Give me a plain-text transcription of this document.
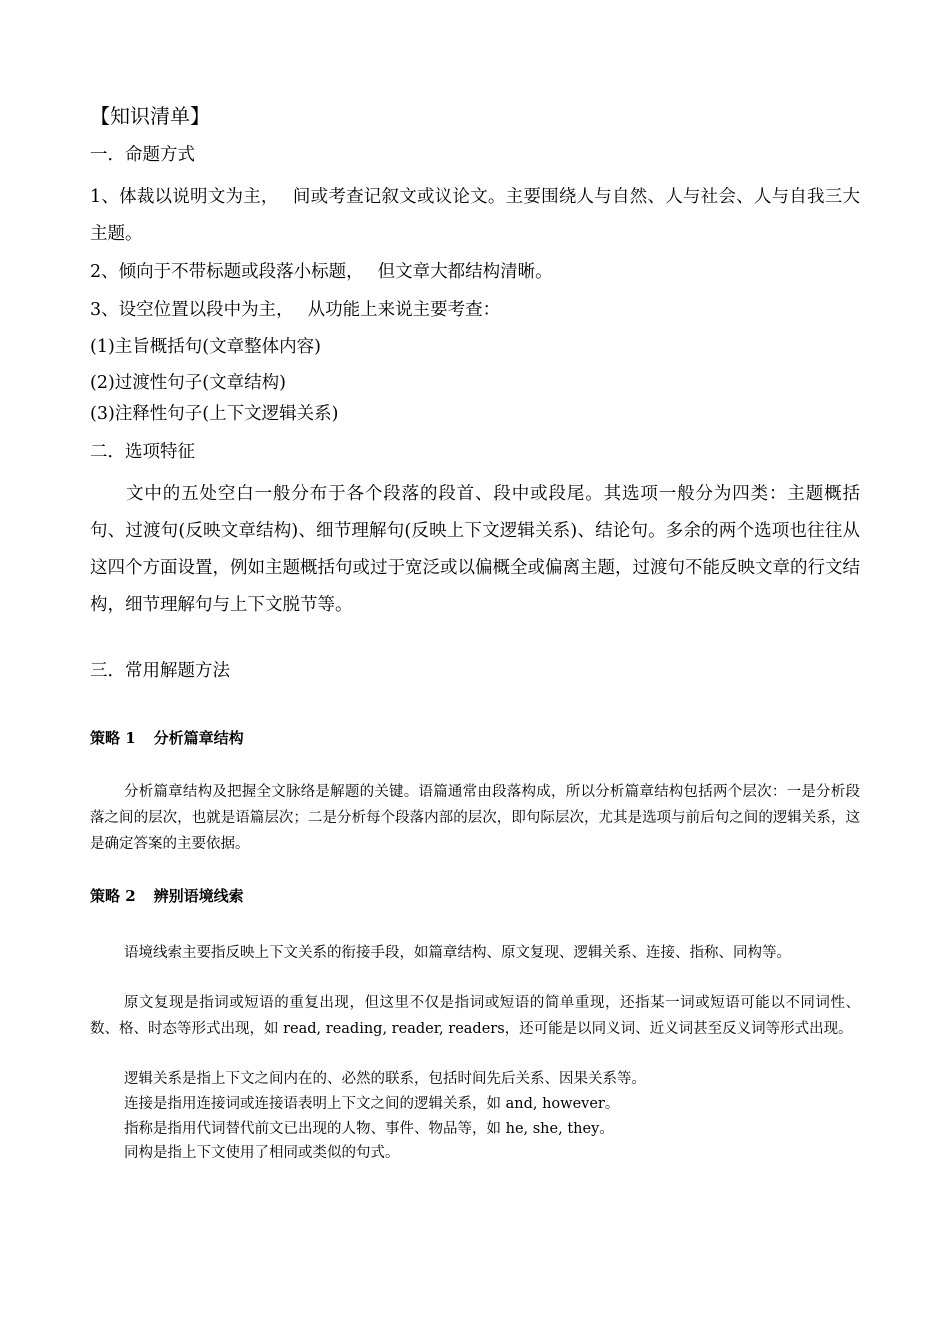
【知识清单】

一．命题方式

1、体裁以说明文为主， 间或考查记叙文或议论文。主要围绕人与自然、人与社会、人与自我三大主题。

2、倾向于不带标题或段落小标题， 但文章大都结构清晰。

3、设空位置以段中为主， 从功能上来说主要考查：

(1)主旨概括句(文章整体内容)

(2)过渡性句子(文章结构)

(3)注释性句子(上下文逻辑关系)

二．选项特征

文中的五处空白一般分布于各个段落的段首、段中或段尾。其选项一般分为四类：主题概括句、过渡句(反映文章结构)、细节理解句(反映上下文逻辑关系)、结论句。多余的两个选项也往往从这四个方面设置，例如主题概括句或过于宽泛或以偏概全或偏离主题，过渡句不能反映文章的行文结构，细节理解句与上下文脱节等。

三．常用解题方法

策略 1 分析篇章结构

分析篇章结构及把握全文脉络是解题的关键。语篇通常由段落构成，所以分析篇章结构包括两个层次：一是分析段落之间的层次，也就是语篇层次；二是分析每个段落内部的层次，即句际层次，尤其是选项与前后句之间的逻辑关系，这是确定答案的主要依据。

策略 2 辨别语境线索

语境线索主要指反映上下文关系的衔接手段，如篇章结构、原文复现、逻辑关系、连接、指称、同构等。

原文复现是指词或短语的重复出现，但这里不仅是指词或短语的简单重现，还指某一词或短语可能以不同词性、数、格、时态等形式出现，如 read, reading, reader, readers，还可能是以同义词、近义词甚至反义词等形式出现。

逻辑关系是指上下文之间内在的、必然的联系，包括时间先后关系、因果关系等。

连接是指用连接词或连接语表明上下文之间的逻辑关系，如 and, however。

指称是指用代词替代前文已出现的人物、事件、物品等，如 he, she, they。

同构是指上下文使用了相同或类似的句式。
